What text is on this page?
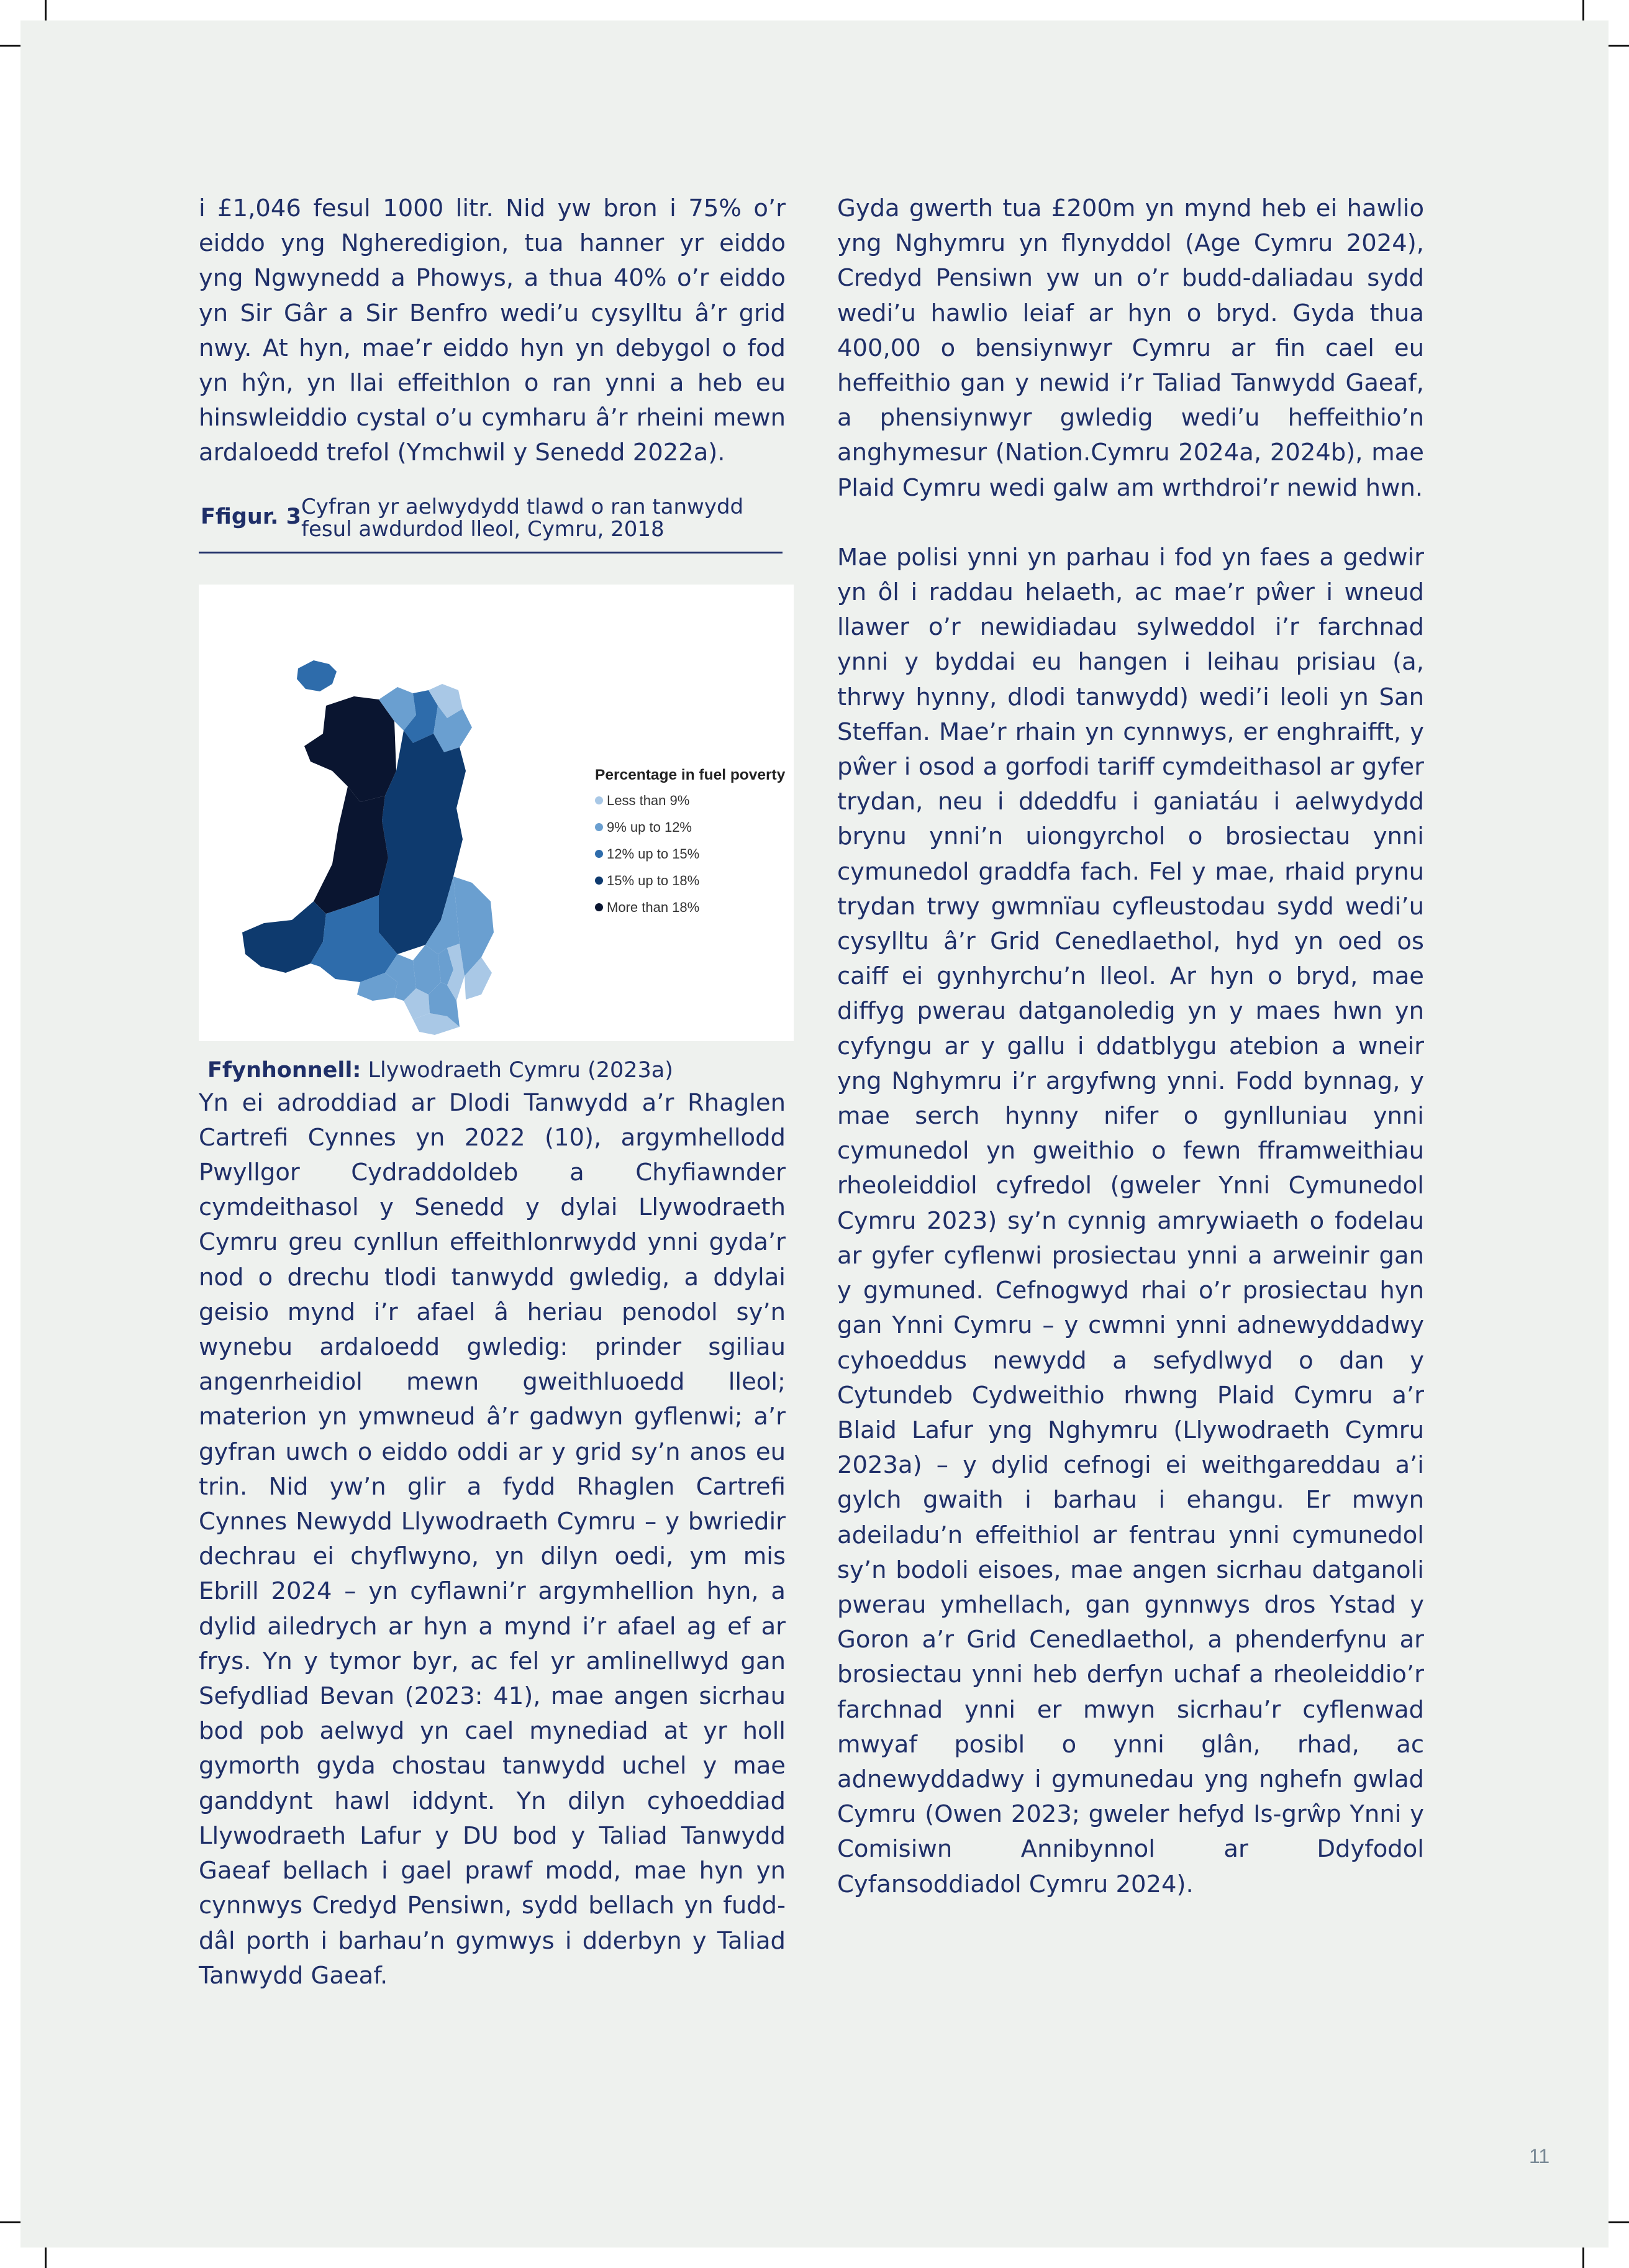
i £1,046 fesul 1000 litr. Nid yw bron i 75% o’r eiddo yng Ngheredigion, tua hanner yr eiddo yng Ngwynedd a Phowys, a thua 40% o’r eiddo yn Sir Gâr a Sir Benfro wedi’u cysylltu â’r grid nwy. At hyn, mae’r eiddo hyn yn debygol o fod yn hŷn, yn llai effeithlon o ran ynni a heb eu hinswleiddio cystal o’u cymharu â’r rheini mewn ardaloedd trefol (Ymchwil y Senedd 2022a).

Ffigur. 3 Cyfran yr aelwydydd tlawd o ran tanwydd
fesul awdurdod lleol, Cymru, 2018
Percentage in fuel poverty
Less than 9%
9% up to 12%
12% up to 15%
15% up to 18%
More than 18%
Ffynhonnell: Llywodraeth Cymru (2023a)

Yn ei adroddiad ar Dlodi Tanwydd a’r Rhaglen Cartrefi Cynnes yn 2022 (10), argymhellodd Pwyllgor Cydraddoldeb a Chyfiawnder cymdeithasol y Senedd y dylai Llywodraeth Cymru greu cynllun effeithlonrwydd ynni gyda’r nod o drechu tlodi tanwydd gwledig, a ddylai geisio mynd i’r afael â heriau penodol sy’n wynebu ardaloedd gwledig: prinder sgiliau angenrheidiol mewn gweithluoedd lleol; materion yn ymwneud â’r gadwyn gyflenwi; a’r gyfran uwch o eiddo oddi ar y grid sy’n anos eu trin. Nid yw’n glir a fydd Rhaglen Cartrefi Cynnes Newydd Llywodraeth Cymru – y bwriedir dechrau ei chyflwyno, yn dilyn oedi, ym mis Ebrill 2024 – yn cyflawni’r argymhellion hyn, a dylid ailedrych ar hyn a mynd i’r afael ag ef ar frys. Yn y tymor byr, ac fel yr amlinellwyd gan Sefydliad Bevan (2023: 41), mae angen sicrhau bod pob aelwyd yn cael mynediad at yr holl gymorth gyda chostau tanwydd uchel y mae ganddynt hawl iddynt. Yn dilyn cyhoeddiad Llywodraeth Lafur y DU bod y Taliad Tanwydd Gaeaf bellach i gael prawf modd, mae hyn yn cynnwys Credyd Pensiwn, sydd bellach yn fudd-dâl porth i barhau’n gymwys i dderbyn y Taliad Tanwydd Gaeaf.

Gyda gwerth tua £200m yn mynd heb ei hawlio yng Nghymru yn flynyddol (Age Cymru 2024), Credyd Pensiwn yw un o’r budd-daliadau sydd wedi’u hawlio leiaf ar hyn o bryd. Gyda thua 400,00 o bensiynwyr Cymru ar fin cael eu heffeithio gan y newid i’r Taliad Tanwydd Gaeaf, a phensiynwyr gwledig wedi’u heffeithio’n anghymesur (Nation.Cymru 2024a, 2024b), mae Plaid Cymru wedi galw am wrthdroi’r newid hwn.

Mae polisi ynni yn parhau i fod yn faes a gedwir yn ôl i raddau helaeth, ac mae’r pŵer i wneud llawer o’r newidiadau sylweddol i’r farchnad ynni y byddai eu hangen i leihau prisiau (a, thrwy hynny, dlodi tanwydd) wedi’i leoli yn San Steffan. Mae’r rhain yn cynnwys, er enghraifft, y pŵer i osod a gorfodi tariff cymdeithasol ar gyfer trydan, neu i ddeddfu i ganiatáu i aelwydydd brynu ynni’n uiongyrchol o brosiectau ynni cymunedol graddfa fach. Fel y mae, rhaid prynu trydan trwy gwmnïau cyfleustodau sydd wedi’u cysylltu â’r Grid Cenedlaethol, hyd yn oed os caiff ei gynhyrchu’n lleol. Ar hyn o bryd, mae diffyg pwerau datganoledig yn y maes hwn yn cyfyngu ar y gallu i ddatblygu atebion a wneir yng Nghymru i’r argyfwng ynni. Fodd bynnag, y mae serch hynny nifer o gynlluniau ynni cymunedol yn gweithio o fewn fframweithiau rheoleiddiol cyfredol (gweler Ynni Cymunedol Cymru 2023) sy’n cynnig amrywiaeth o fodelau ar gyfer cyflenwi prosiectau ynni a arweinir gan y gymuned. Cefnogwyd rhai o’r prosiectau hyn gan Ynni Cymru – y cwmni ynni adnewyddadwy cyhoeddus newydd a sefydlwyd o dan y Cytundeb Cydweithio rhwng Plaid Cymru a’r Blaid Lafur yng Nghymru (Llywodraeth Cymru 2023a) – y dylid cefnogi ei weithgareddau a’i gylch gwaith i barhau i ehangu. Er mwyn adeiladu’n effeithiol ar fentrau ynni cymunedol sy’n bodoli eisoes, mae angen sicrhau datganoli pwerau ymhellach, gan gynnwys dros Ystad y Goron a’r Grid Cenedlaethol, a phenderfynu ar brosiectau ynni heb derfyn uchaf a rheoleiddio’r farchnad ynni er mwyn sicrhau’r cyflenwad mwyaf posibl o ynni glân, rhad, ac adnewyddadwy i gymunedau yng nghefn gwlad Cymru (Owen 2023; gweler hefyd Is-grŵp Ynni y Comisiwn Annibynnol ar Ddyfodol Cyfansoddiadol Cymru 2024).

11
